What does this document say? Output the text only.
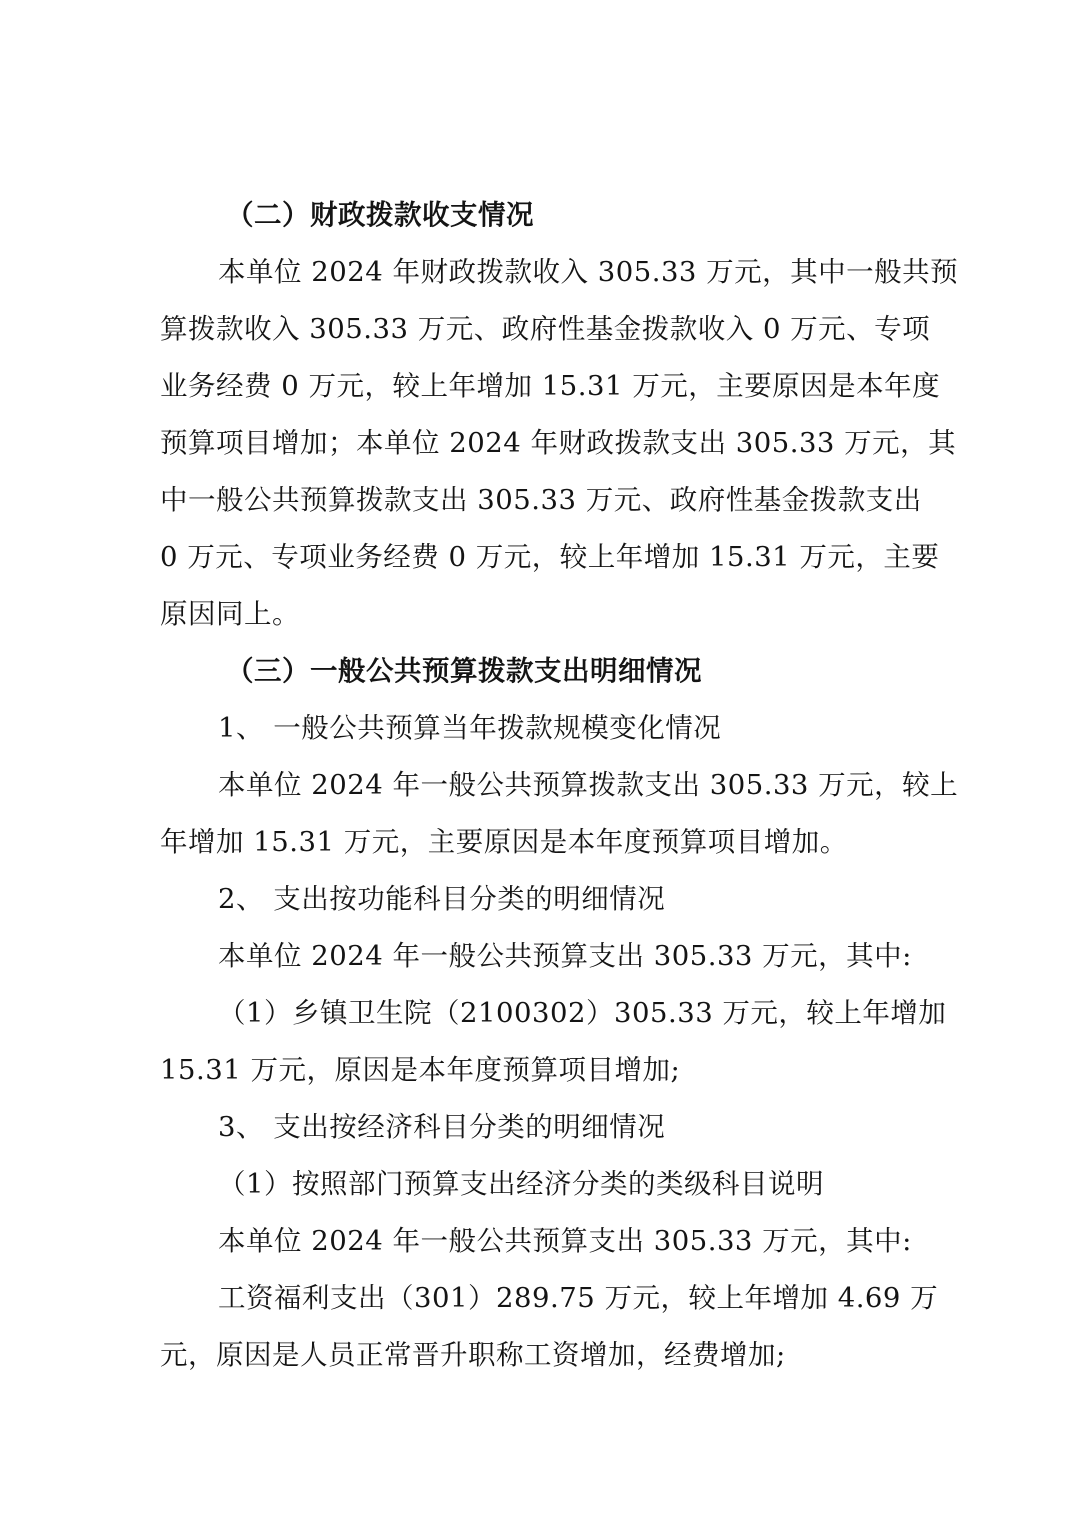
（二）财政拨款收支情况
本单位 2024 年财政拨款收入 305.33 万元，其中一般共预
算拨款收入 305.33 万元、政府性基金拨款收入 0 万元、专项
业务经费 0 万元，较上年增加 15.31 万元，主要原因是本年度
预算项目增加；本单位 2024 年财政拨款支出 305.33 万元，其
中一般公共预算拨款支出 305.33 万元、政府性基金拨款支出
0 万元、专项业务经费 0 万元，较上年增加 15.31 万元，主要
原因同上。
（三）一般公共预算拨款支出明细情况
1、 一般公共预算当年拨款规模变化情况
本单位 2024 年一般公共预算拨款支出 305.33 万元，较上
年增加 15.31 万元，主要原因是本年度预算项目增加。
2、 支出按功能科目分类的明细情况
本单位 2024 年一般公共预算支出 305.33 万元，其中:
（1）乡镇卫生院（2100302）305.33 万元，较上年增加
15.31 万元，原因是本年度预算项目增加;
3、 支出按经济科目分类的明细情况
（1）按照部门预算支出经济分类的类级科目说明
本单位 2024 年一般公共预算支出 305.33 万元，其中:
工资福利支出（301）289.75 万元，较上年增加 4.69 万
元，原因是人员正常晋升职称工资增加，经费增加;
